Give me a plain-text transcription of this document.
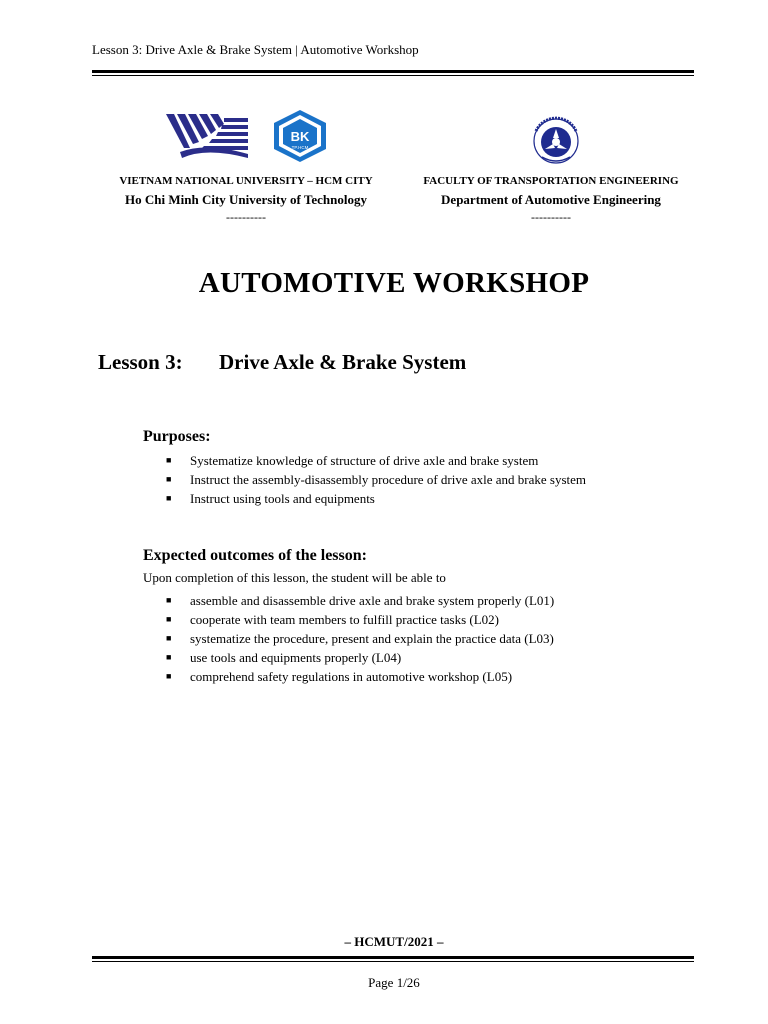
Lesson 3: Drive Axle & Brake System | Automotive Workshop
BK
TP.HCM
VIETNAM NATIONAL UNIVERSITY – HCM CITY
Ho Chi Minh City University of Technology
----------
FACULTY OF TRANSPORTATION ENGINEERING
Department of Automotive Engineering
----------
AUTOMOTIVE WORKSHOP
Lesson 3: Drive Axle & Brake System
Purposes:
■ Systematize knowledge of structure of drive axle and brake system
■ Instruct the assembly-disassembly procedure of drive axle and brake system
■ Instruct using tools and equipments
Expected outcomes of the lesson:
Upon completion of this lesson, the student will be able to
■ assemble and disassemble drive axle and brake system properly (L01)
■ cooperate with team members to fulfill practice tasks (L02)
■ systematize the procedure, present and explain the practice data (L03)
■ use tools and equipments properly (L04)
■ comprehend safety regulations in automotive workshop (L05)
– HCMUT/2021 –
Page 1/26
